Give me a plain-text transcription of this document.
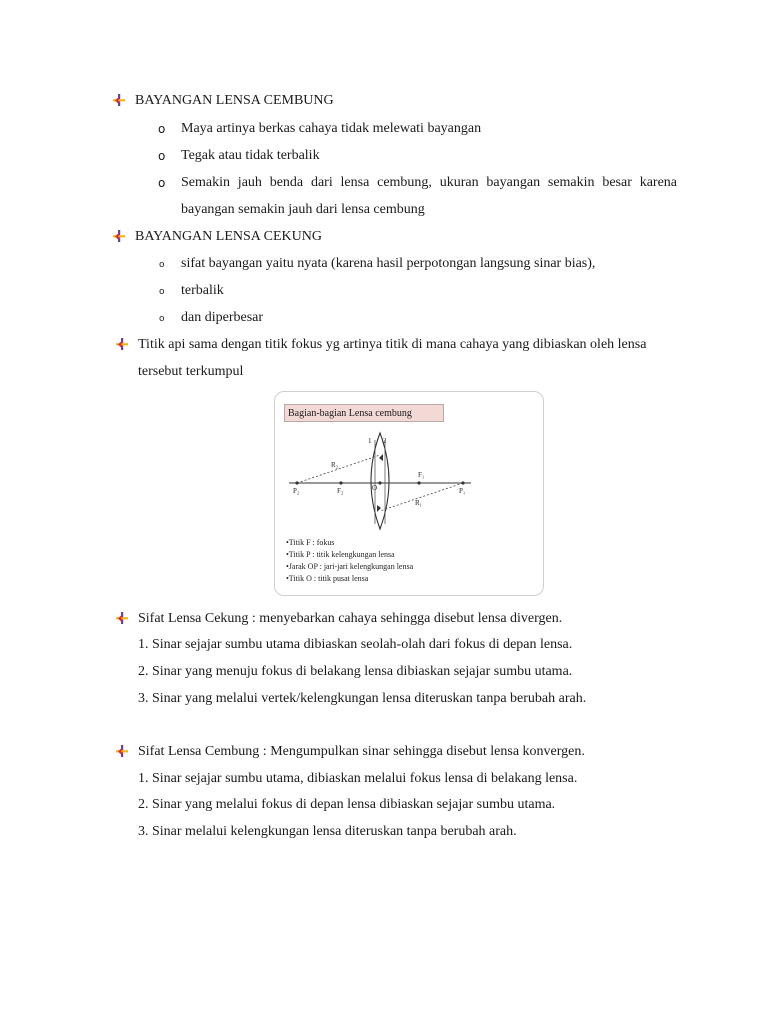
BAYANGAN LENSA CEMBUNG
o Maya artinya berkas cahaya tidak melewati bayangan
o Tegak atau tidak terbalik
o Semakin jauh benda dari lensa cembung, ukuran bayangan semakin besar karena
bayangan semakin jauh dari lensa cembung
BAYANGAN LENSA CEKUNG
o sifat bayangan yaitu nyata (karena hasil perpotongan langsung sinar bias),
o terbalik
o dan diperbesar
Titik api sama dengan titik fokus yg artinya titik di mana cahaya yang dibiaskan oleh lensa
tersebut terkumpul
Bagian-bagian Lensa cembung
1 2
R₂
R₁
F₁
P₂	F₂	O	P₁
•Titik F : fokus
•Titik P : titik kelengkungan lensa
•Jarak OP : jari-jari kelengkungan lensa
•Titik O : titik pusat lensa
Sifat Lensa Cekung : menyebarkan cahaya sehingga disebut lensa divergen.
1. Sinar sejajar sumbu utama dibiaskan seolah-olah dari fokus di depan lensa.
2. Sinar yang menuju fokus di belakang lensa dibiaskan sejajar sumbu utama.
3. Sinar yang melalui vertek/kelengkungan lensa diteruskan tanpa berubah arah.
Sifat Lensa Cembung : Mengumpulkan sinar sehingga disebut lensa konvergen.
1. Sinar sejajar sumbu utama, dibiaskan melalui fokus lensa di belakang lensa.
2. Sinar yang melalui fokus di depan lensa dibiaskan sejajar sumbu utama.
3. Sinar melalui kelengkungan lensa diteruskan tanpa berubah arah.
